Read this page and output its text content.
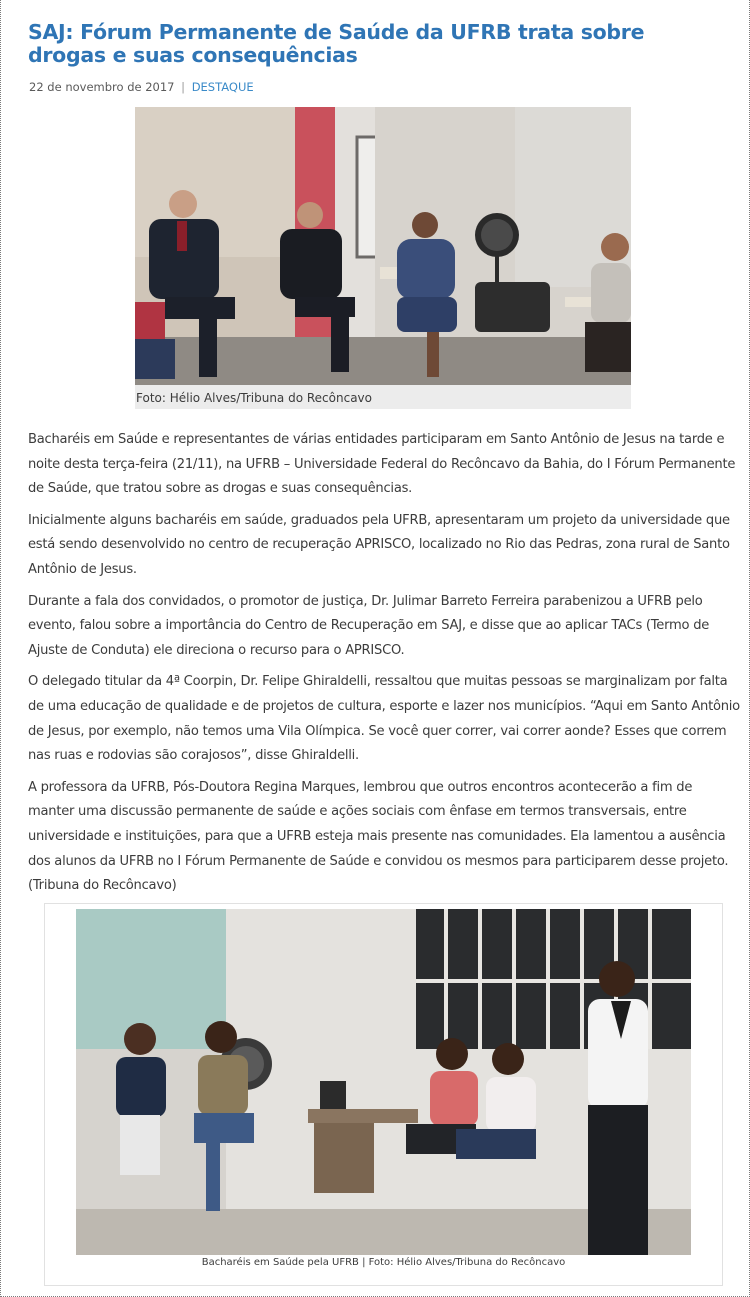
SAJ: Fórum Permanente de Saúde da UFRB trata sobre drogas e suas consequências
22 de novembro de 2017 | DESTAQUE
Foto: Hélio Alves/Tribuna do Recôncavo

Bacharéis em Saúde e representantes de várias entidades participaram em Santo Antônio de Jesus na tarde e noite desta terça-feira (21/11), na UFRB – Universidade Federal do Recôncavo da Bahia, do I Fórum Permanente de Saúde, que tratou sobre as drogas e suas consequências.

Inicialmente alguns bacharéis em saúde, graduados pela UFRB, apresentaram um projeto da universidade que está sendo desenvolvido no centro de recuperação APRISCO, localizado no Rio das Pedras, zona rural de Santo Antônio de Jesus.

Durante a fala dos convidados, o promotor de justiça, Dr. Julimar Barreto Ferreira parabenizou a UFRB pelo evento, falou sobre a importância do Centro de Recuperação em SAJ, e disse que ao aplicar TACs (Termo de Ajuste de Conduta) ele direciona o recurso para o APRISCO.

O delegado titular da 4ª Coorpin, Dr. Felipe Ghiraldelli, ressaltou que muitas pessoas se marginalizam por falta de uma educação de qualidade e de projetos de cultura, esporte e lazer nos municípios. “Aqui em Santo Antônio de Jesus, por exemplo, não temos uma Vila Olímpica. Se você quer correr, vai correr aonde? Esses que correm nas ruas e rodovias são corajosos”, disse Ghiraldelli.

A professora da UFRB, Pós-Doutora Regina Marques, lembrou que outros encontros acontecerão a fim de manter uma discussão permanente de saúde e ações sociais com ênfase em termos transversais, entre universidade e instituições, para que a UFRB esteja mais presente nas comunidades. Ela lamentou a ausência dos alunos da UFRB no I Fórum Permanente de Saúde e convidou os mesmos para participarem desse projeto. (Tribuna do Recôncavo)

Bacharéis em Saúde pela UFRB | Foto: Hélio Alves/Tribuna do Recôncavo
